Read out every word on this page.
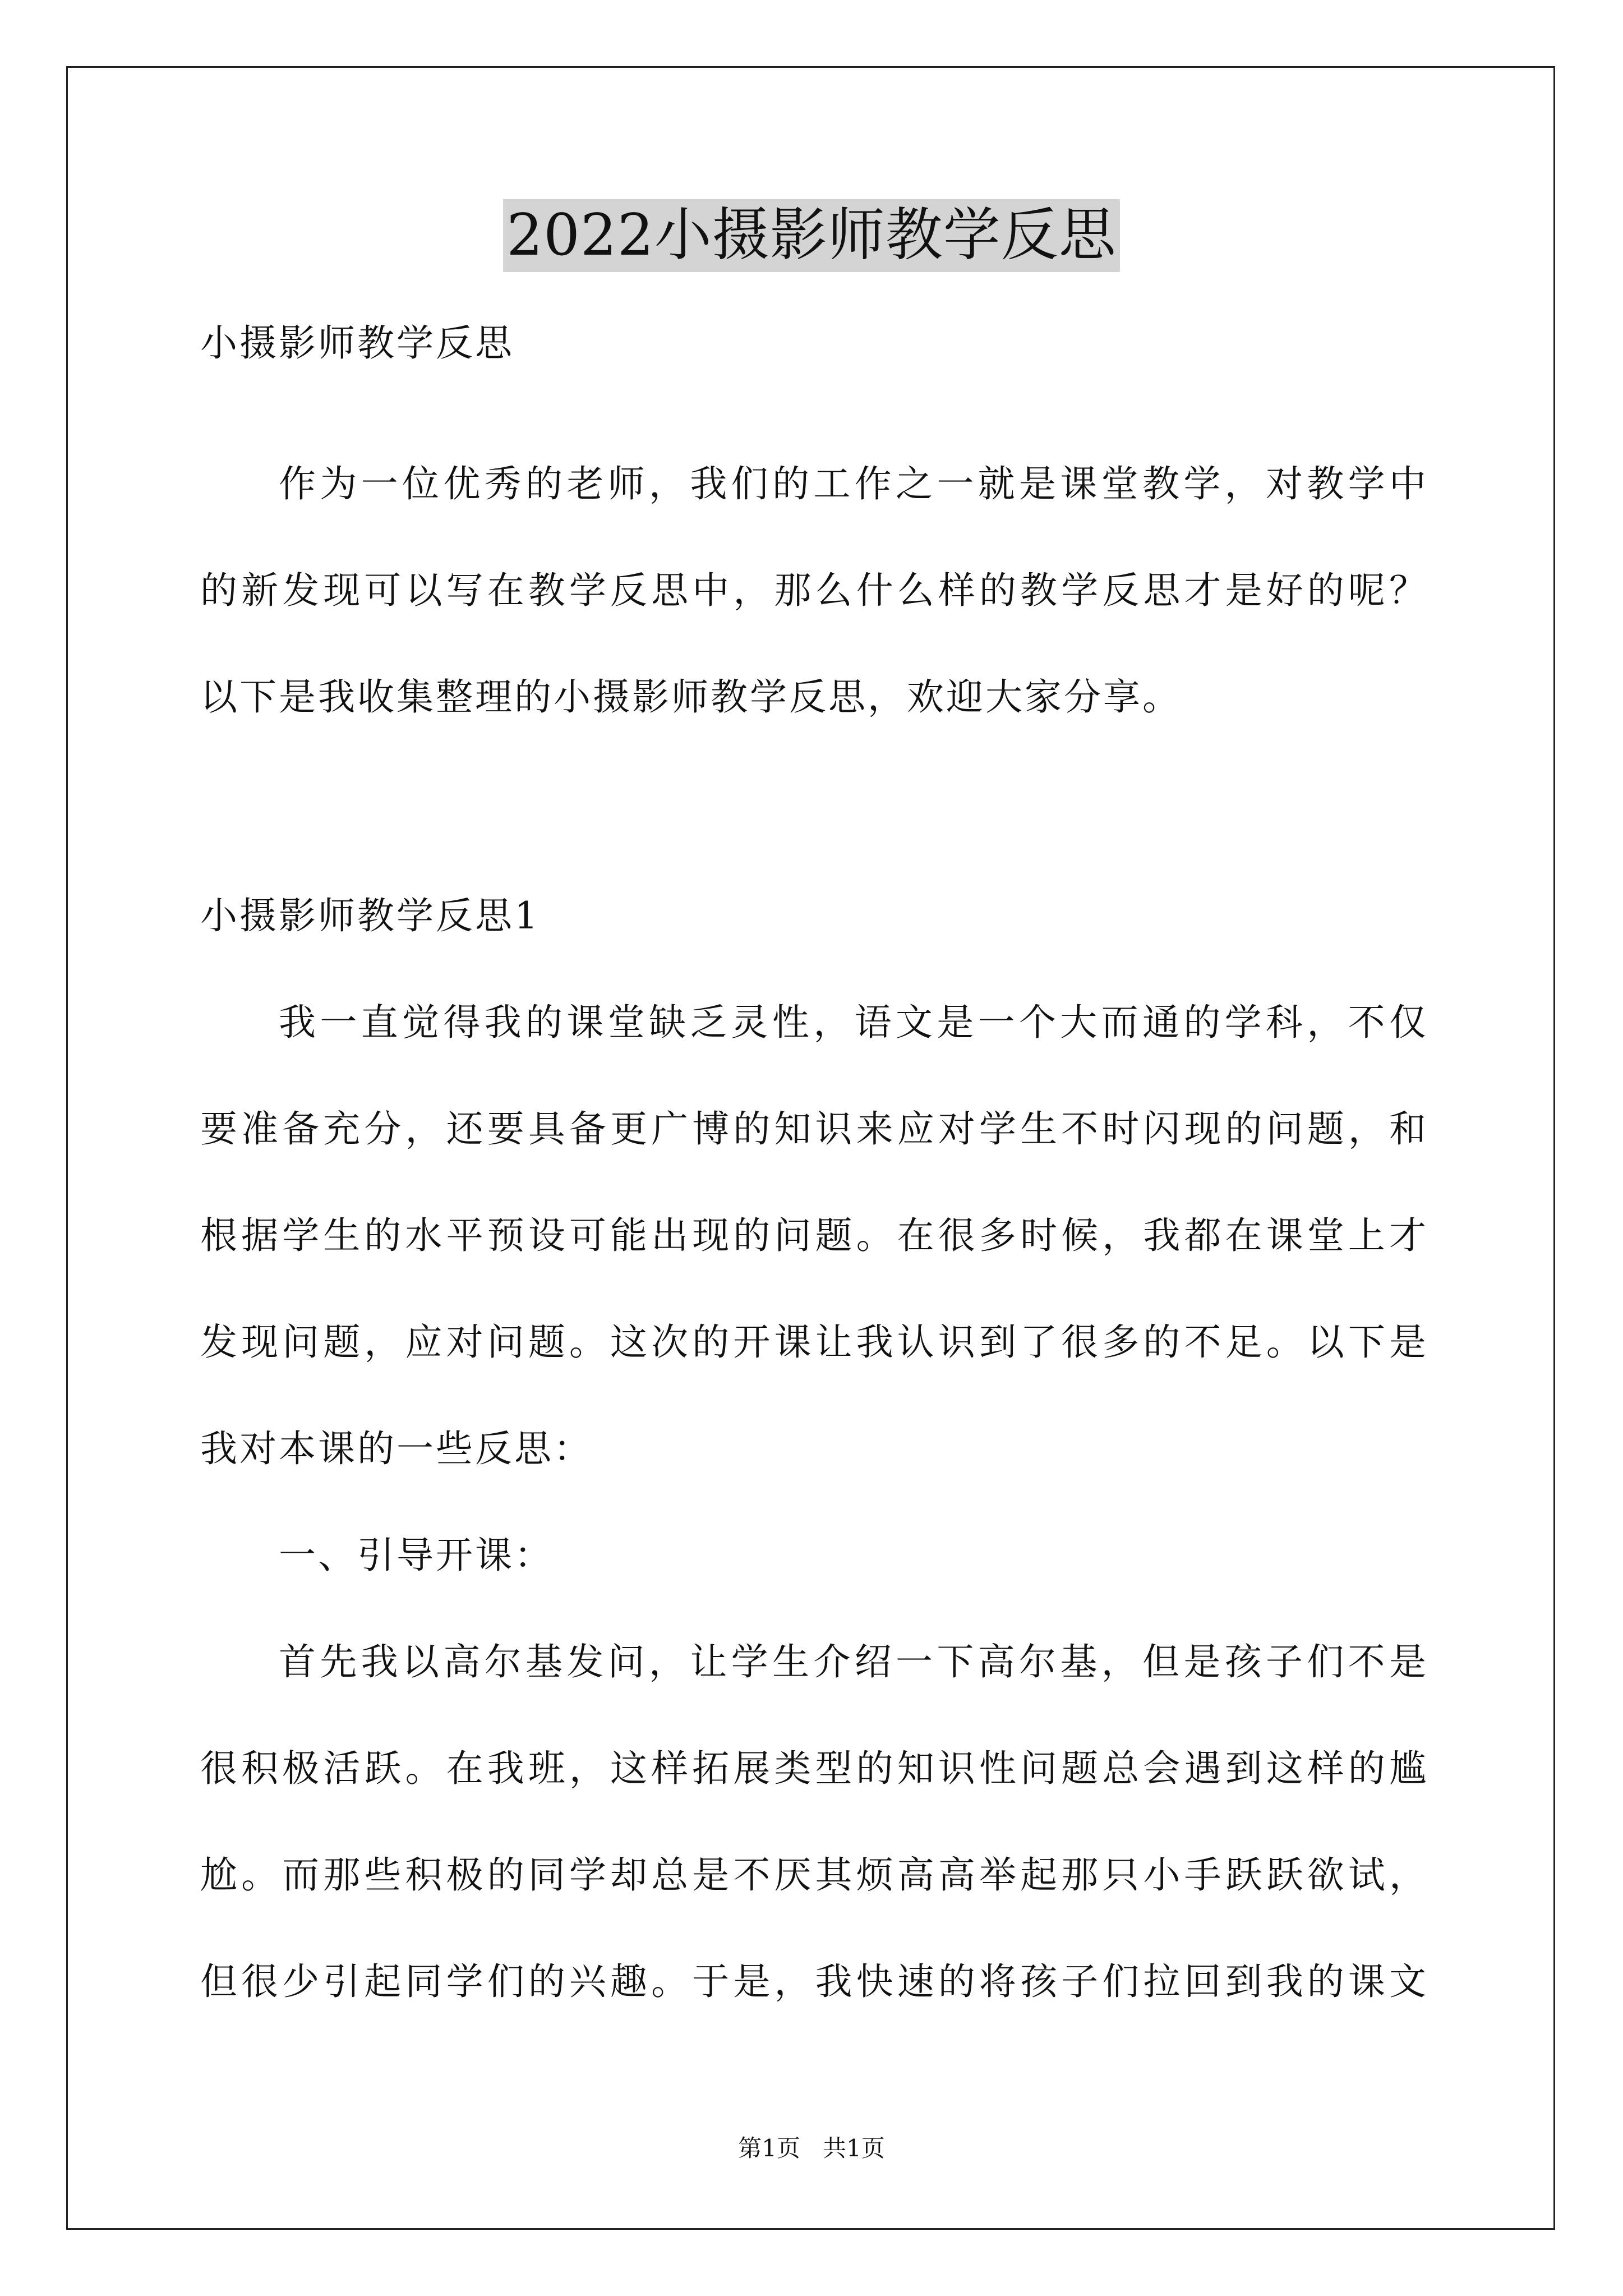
2022小摄影师教学反思
小摄影师教学反思
作为一位优秀的老师，我们的工作之一就是课堂教学，对教学中
的新发现可以写在教学反思中，那么什么样的教学反思才是好的呢？
以下是我收集整理的小摄影师教学反思，欢迎大家分享。
小摄影师教学反思1
我一直觉得我的课堂缺乏灵性，语文是一个大而通的学科，不仅
要准备充分，还要具备更广博的知识来应对学生不时闪现的问题，和
根据学生的水平预设可能出现的问题。在很多时候，我都在课堂上才
发现问题，应对问题。这次的开课让我认识到了很多的不足。以下是
我对本课的一些反思：
一、引导开课：
首先我以高尔基发问，让学生介绍一下高尔基，但是孩子们不是
很积极活跃。在我班，这样拓展类型的知识性问题总会遇到这样的尴
尬。而那些积极的同学却总是不厌其烦高高举起那只小手跃跃欲试，
但很少引起同学们的兴趣。于是，我快速的将孩子们拉回到我的课文
第1页   共1页
